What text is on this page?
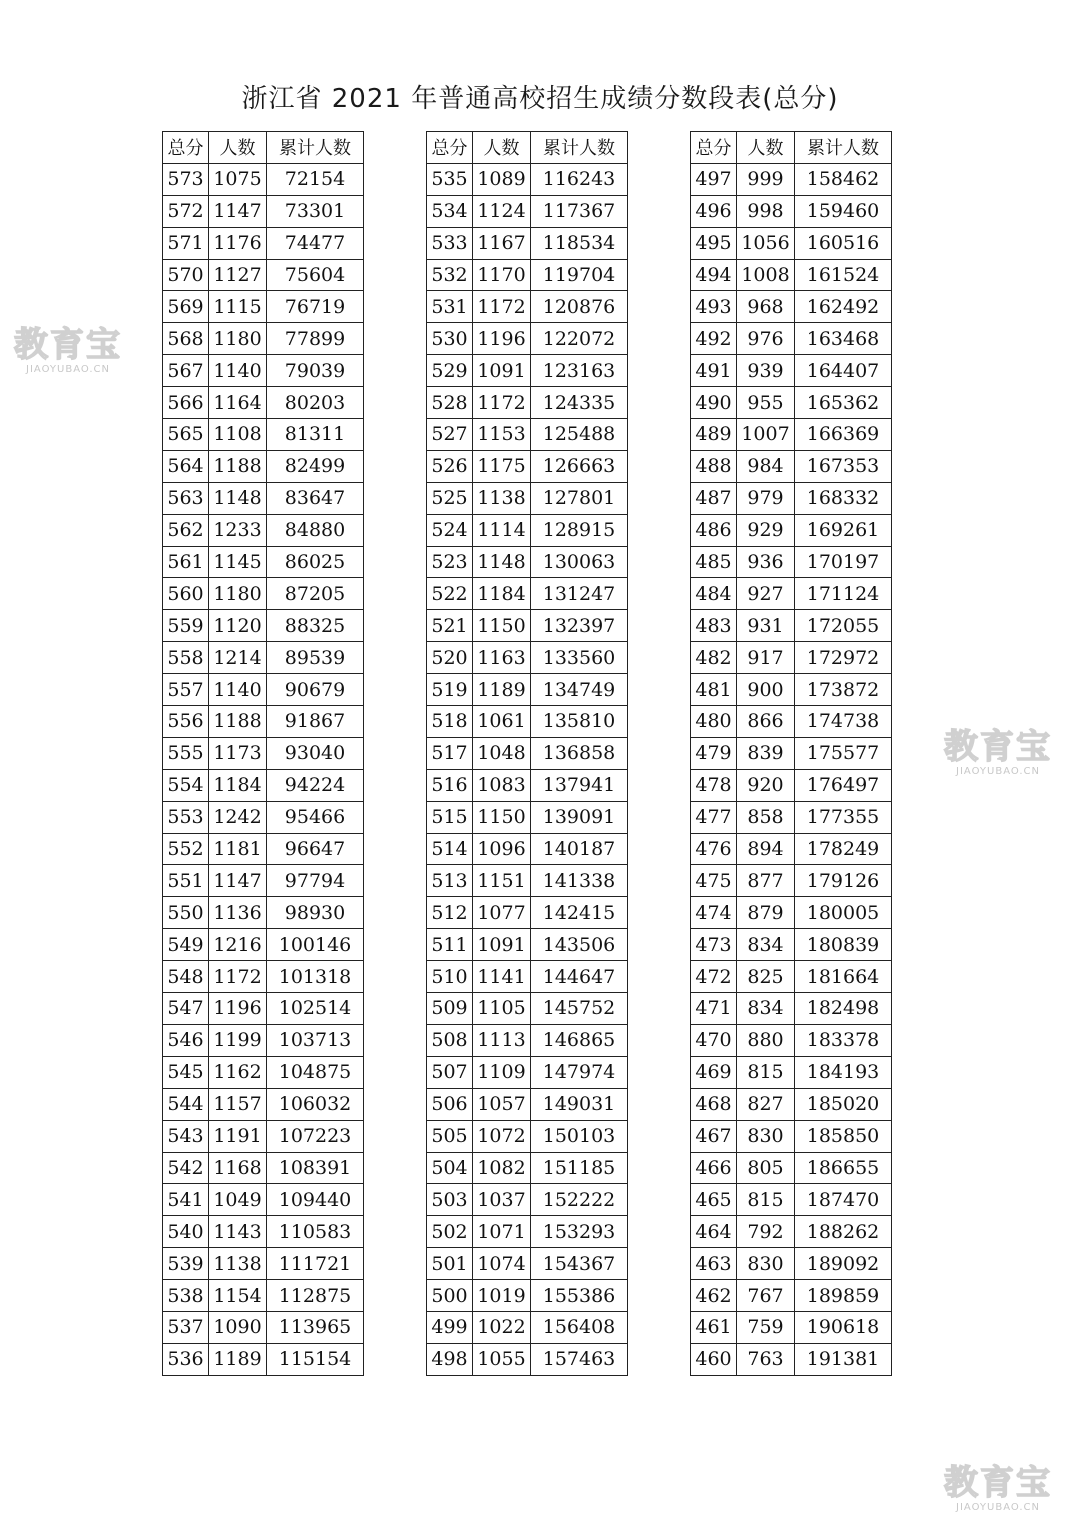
浙江省 2021 年普通高校招生成绩分数段表(总分)
总分	人数	累计人数
573	1075	72154
572	1147	73301
571	1176	74477
570	1127	75604
569	1115	76719
568	1180	77899
567	1140	79039
566	1164	80203
565	1108	81311
564	1188	82499
563	1148	83647
562	1233	84880
561	1145	86025
560	1180	87205
559	1120	88325
558	1214	89539
557	1140	90679
556	1188	91867
555	1173	93040
554	1184	94224
553	1242	95466
552	1181	96647
551	1147	97794
550	1136	98930
549	1216	100146
548	1172	101318
547	1196	102514
546	1199	103713
545	1162	104875
544	1157	106032
543	1191	107223
542	1168	108391
541	1049	109440
540	1143	110583
539	1138	111721
538	1154	112875
537	1090	113965
536	1189	115154
总分	人数	累计人数
535	1089	116243
534	1124	117367
533	1167	118534
532	1170	119704
531	1172	120876
530	1196	122072
529	1091	123163
528	1172	124335
527	1153	125488
526	1175	126663
525	1138	127801
524	1114	128915
523	1148	130063
522	1184	131247
521	1150	132397
520	1163	133560
519	1189	134749
518	1061	135810
517	1048	136858
516	1083	137941
515	1150	139091
514	1096	140187
513	1151	141338
512	1077	142415
511	1091	143506
510	1141	144647
509	1105	145752
508	1113	146865
507	1109	147974
506	1057	149031
505	1072	150103
504	1082	151185
503	1037	152222
502	1071	153293
501	1074	154367
500	1019	155386
499	1022	156408
498	1055	157463
总分	人数	累计人数
497	999	158462
496	998	159460
495	1056	160516
494	1008	161524
493	968	162492
492	976	163468
491	939	164407
490	955	165362
489	1007	166369
488	984	167353
487	979	168332
486	929	169261
485	936	170197
484	927	171124
483	931	172055
482	917	172972
481	900	173872
480	866	174738
479	839	175577
478	920	176497
477	858	177355
476	894	178249
475	877	179126
474	879	180005
473	834	180839
472	825	181664
471	834	182498
470	880	183378
469	815	184193
468	827	185020
467	830	185850
466	805	186655
465	815	187470
464	792	188262
463	830	189092
462	767	189859
461	759	190618
460	763	191381
教育宝
JIAOYUBAO.CN
教育宝
JIAOYUBAO.CN
教育宝
JIAOYUBAO.CN
